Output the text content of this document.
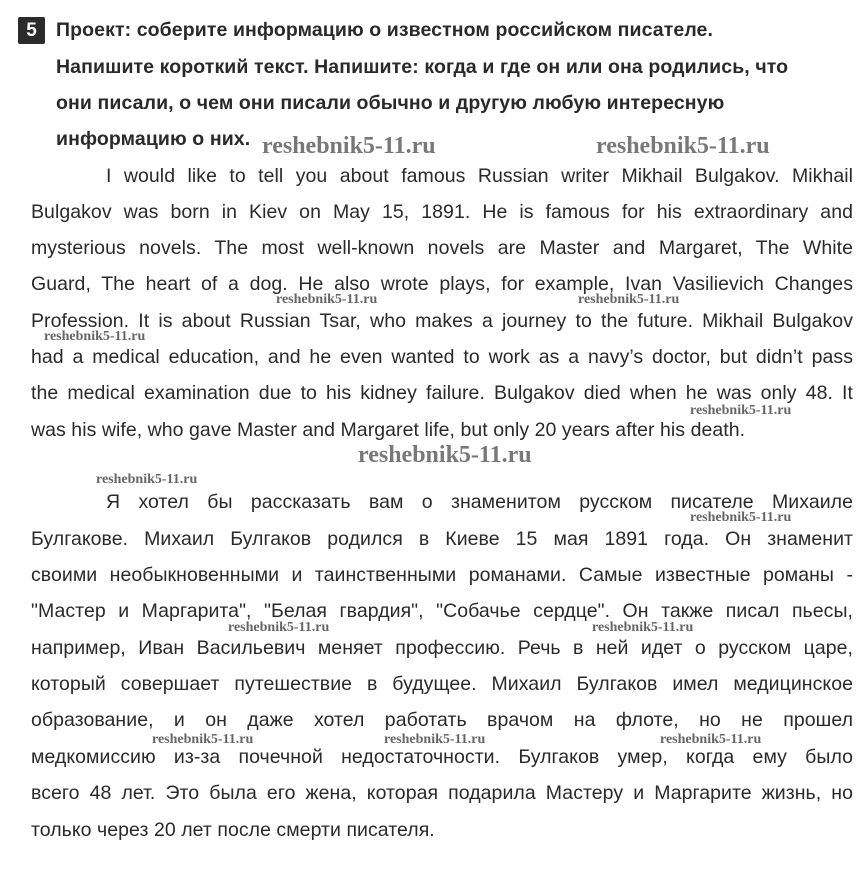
5 Проект: соберите информацию о известном российском писателе.
Напишите короткий текст. Напишите: когда и где он или она родились, что
они писали, о чем они писали обычно и другую любую интересную
информацию о них.
I would like to tell you about famous Russian writer Mikhail Bulgakov. Mikhail
Bulgakov was born in Kiev on May 15, 1891. He is famous for his extraordinary and
mysterious novels. The most well-known novels are Master and Margaret, The White
Guard, The heart of a dog. He also wrote plays, for example, Ivan Vasilievich Changes
Profession. It is about Russian Tsar, who makes a journey to the future. Mikhail Bulgakov
had a medical education, and he even wanted to work as a navy’s doctor, but didn’t pass
the medical examination due to his kidney failure. Bulgakov died when he was only 48. It
was his wife, who gave Master and Margaret life, but only 20 years after his death.
Я хотел бы рассказать вам о знаменитом русском писателе Михаиле
Булгакове. Михаил Булгаков родился в Киеве 15 мая 1891 года. Он знаменит
своими необыкновенными и таинственными романами. Самые известные романы -
"Мастер и Маргарита", "Белая гвардия", "Собачье сердце". Он также писал пьесы,
например, Иван Васильевич меняет профессию. Речь в ней идет о русском царе,
который совершает путешествие в будущее. Михаил Булгаков имел медицинское
образование, и он даже хотел работать врачом на флоте, но не прошел
медкомиссию из-за почечной недостаточности. Булгаков умер, когда ему было
всего 48 лет. Это была его жена, которая подарила Мастеру и Маргарите жизнь, но
только через 20 лет после смерти писателя.
reshebnik5-11.ru	reshebnik5-11.ru
reshebnik5-11.ru	reshebnik5-11.ru
reshebnik5-11.ru
reshebnik5-11.ru
reshebnik5-11.ru
reshebnik5-11.ru
reshebnik5-11.ru
reshebnik5-11.ru	reshebnik5-11.ru
reshebnik5-11.ru	reshebnik5-11.ru	reshebnik5-11.ru
